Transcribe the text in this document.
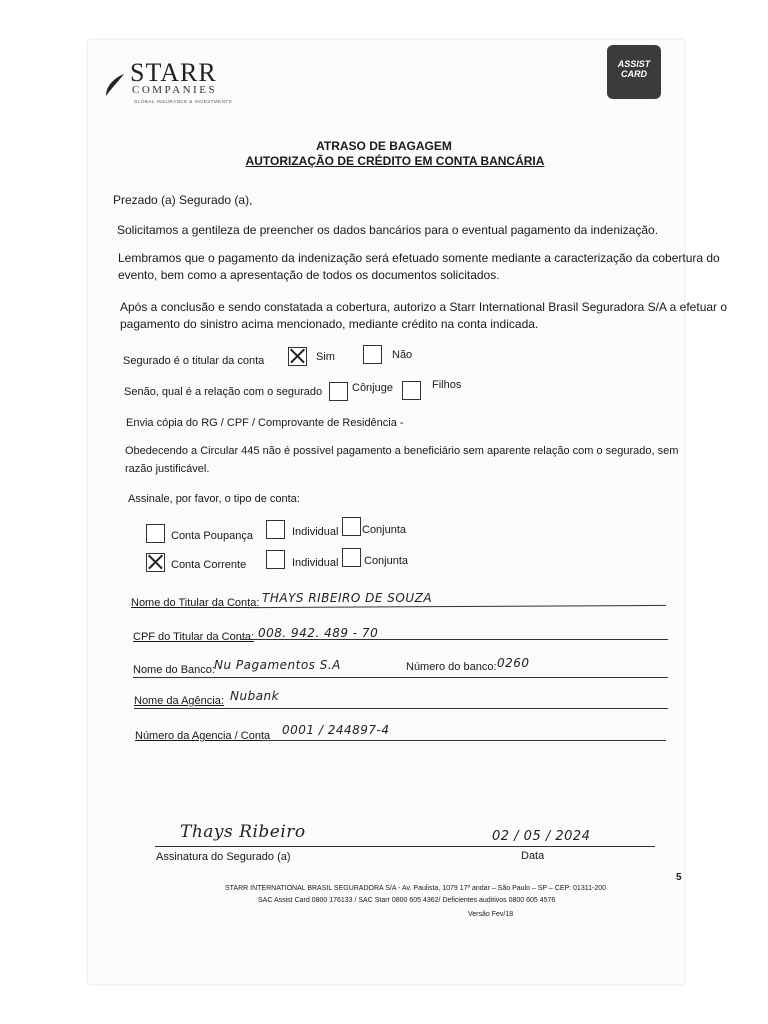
STARR
COMPANIES
GLOBAL INSURANCE & INVESTMENTS
ASSIST
CARD
ATRASO DE BAGAGEM
AUTORIZAÇÃO DE CRÉDITO EM CONTA BANCÁRIA
Prezado (a) Segurado (a),
Solicitamos a gentileza de preencher os dados bancários para o eventual pagamento da indenização.
Lembramos que o pagamento da indenização será efetuado somente mediante a caracterização da cobertura do
evento, bem como a apresentação de todos os documentos solicitados.
Após a conclusão e sendo constatada a cobertura, autorizo a Starr International Brasil Seguradora S/A a efetuar o
pagamento do sinistro acima mencionado, mediante crédito na conta indicada.
Segurado é o titular da conta	Sim	Não
Senão, qual é a relação com o segurado	Cônjuge	Filhos
Envia cópia do RG / CPF / Comprovante de Residência -
Obedecendo a Circular 445 não é possível pagamento a beneficiário sem aparente relação com o segurado, sem
razão justificável.
Assinale, por favor, o tipo de conta:
Conta Poupança	Individual Conjunta
Conta Corrente	Individual Conjunta
Nome do Titular da Conta: THAYS RIBEIRO DE SOUZA
CPF do Titular da Conta: 008. 942. 489 - 70
Nome do Banco: Nu Pagamentos S.A	Número do banco: 0260
Nome da Agência: Nubank
Número da Agencia / Conta 0001 / 244897-4
Thays Ribeiro	02 / 05 / 2024
Assinatura do Segurado (a)	Data
STARR INTERNATIONAL BRASIL SEGURADORA S/A - Av. Paulista, 1079 17º andar – São Paulo – SP – CEP: 01311-200
SAC Assist Card 0800 176133 / SAC Starr 0800 605 4362/ Deficientes auditivos 0800 605 4576
Versão Fev/18
5
